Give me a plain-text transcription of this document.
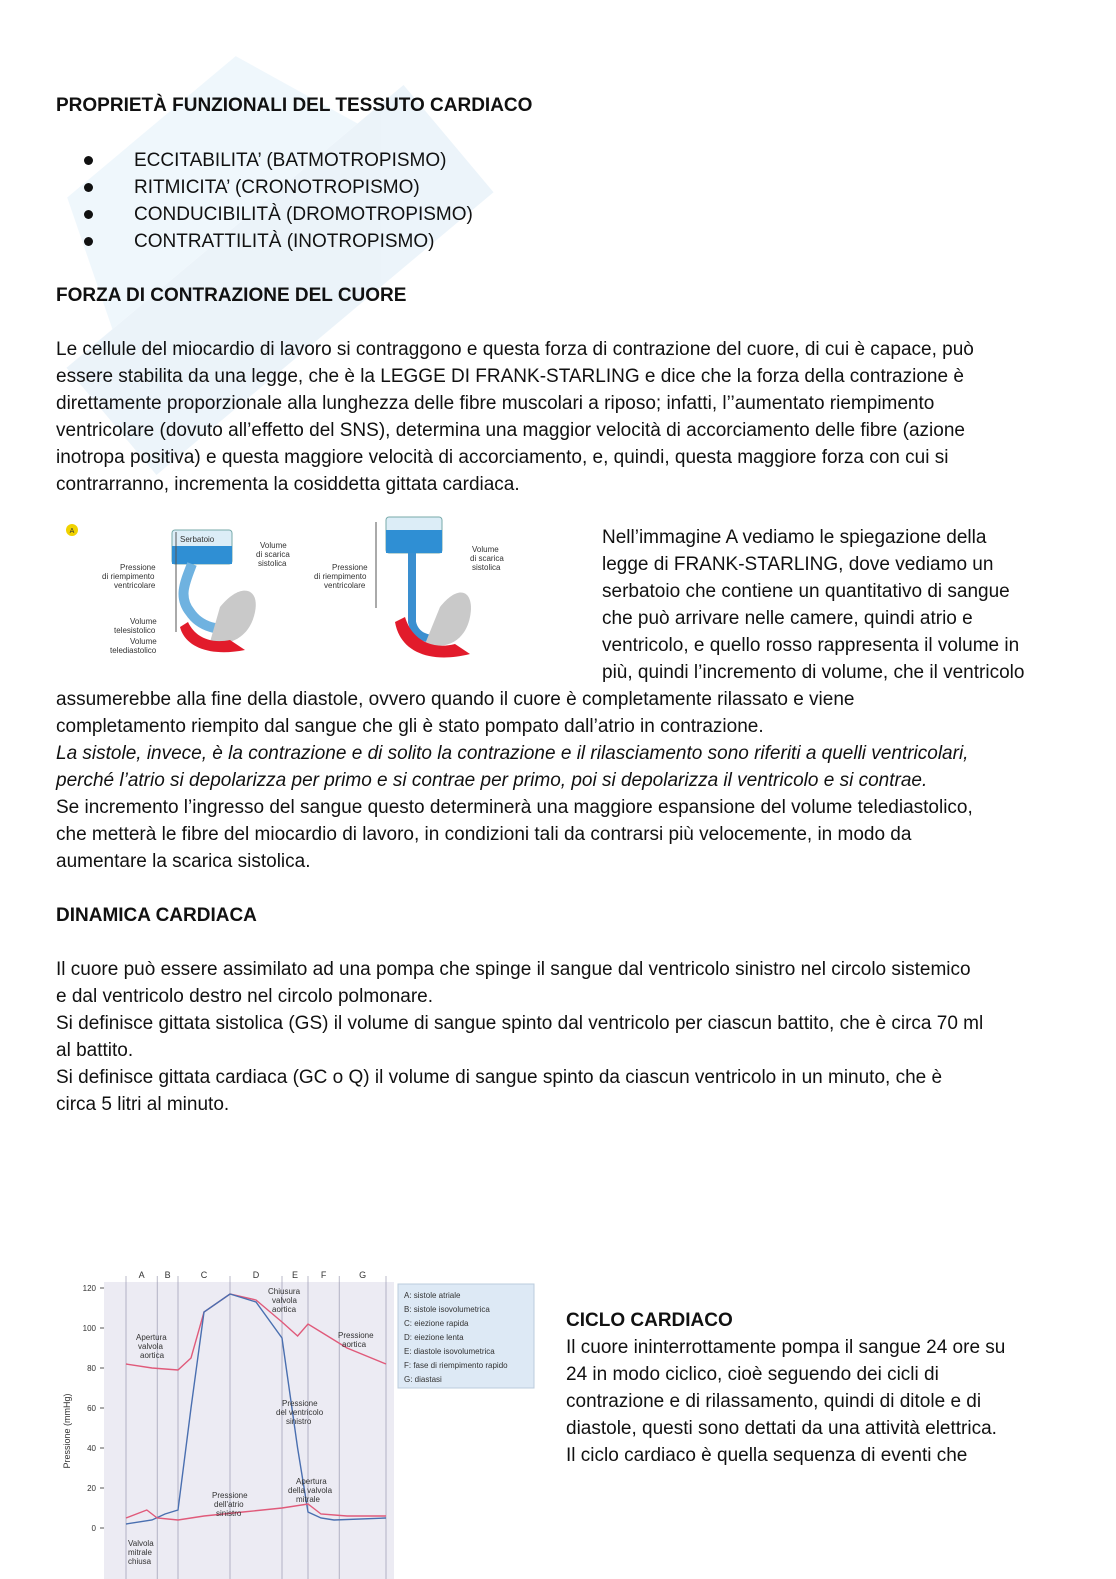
PROPRIETÀ FUNZIONALI DEL TESSUTO CARDIACO
ECCITABILITA’ (BATMOTROPISMO)
RITMICITA’ (CRONOTROPISMO)
CONDUCIBILITÀ (DROMOTROPISMO)
CONTRATTILITÀ (INOTROPISMO)
FORZA DI CONTRAZIONE DEL CUORE
Le cellule del miocardio di lavoro si contraggono e questa forza di contrazione del cuore, di cui è capace, può
essere stabilita da una legge, che è la LEGGE DI FRANK-STARLING e dice che la forza della contrazione è
direttamente proporzionale alla lunghezza delle fibre muscolari a riposo; infatti, l’’aumentato riempimento
ventricolare (dovuto all’effetto del SNS), determina una maggior velocità di accorciamento delle fibre (azione
inotropa positiva) e questa maggiore velocità di accorciamento, e, quindi, questa maggiore forza con cui si
contrarranno, incrementa la cosiddetta gittata cardiaca.
A
Serbatoio
Volume
di scarica
sistolica
Pressione
di riempimento
ventricolare
Volume
telesistolico
Volume
telediastolico
Volume
di scarica
sistolica
Pressione
di riempimento
ventricolare
Nell’immagine A vediamo le spiegazione della
legge di FRANK-STARLING, dove vediamo un
serbatoio che contiene un quantitativo di sangue
che può arrivare nelle camere, quindi atrio e
ventricolo, e quello rosso rappresenta il volume in
più, quindi l’incremento di volume, che il ventricolo
assumerebbe alla fine della diastole, ovvero quando il cuore è completamente rilassato e viene
completamento riempito dal sangue che gli è stato pompato dall’atrio in contrazione.
La sistole, invece, è la contrazione e di solito la contrazione e il rilasciamento sono riferiti a quelli ventricolari,
perché l’atrio si depolarizza per primo e si contrae per primo, poi si depolarizza il ventricolo e si contrae.
Se incremento l’ingresso del sangue questo determinerà una maggiore espansione del volume telediastolico,
che metterà le fibre del miocardio di lavoro, in condizioni tali da contrarsi più velocemente, in modo da
aumentare la scarica sistolica.
DINAMICA CARDIACA
Il cuore può essere assimilato ad una pompa che spinge il sangue dal ventricolo sinistro nel circolo sistemico
e dal ventricolo destro nel circolo polmonare.
Si definisce gittata sistolica (GS) il volume di sangue spinto dal ventricolo per ciascun battito, che è circa 70 ml
al battito.
Si definisce gittata cardiaca (GC o Q) il volume di sangue spinto da ciascun ventricolo in un minuto, che è
circa 5 litri al minuto.
A B	C	D	E	F	G
120
100
80
60
40
20
0
Pressione (mmHg)
A: sistole atriale
B: sistole isovolumetrica
C: eiezione rapida
D: eiezione lenta
E: diastole isovolumetrica
F: fase di riempimento rapido
G: diastasi
Chiusura
valvola
aortica
Apertura
valvola
aortica
Pressione
aortica
Pressione
del ventricolo
sinistro
Apertura
della valvola
mitrale
Pressione
dell'atrio
sinistro
Valvola
mitrale
chiusa
CICLO CARDIACO
Il cuore ininterrottamente pompa il sangue 24 ore su
24 in modo ciclico, cioè seguendo dei cicli di
contrazione e di rilassamento, quindi di ditole e di
diastole, questi sono dettati da una attività elettrica.
Il ciclo cardiaco è quella sequenza di eventi che
